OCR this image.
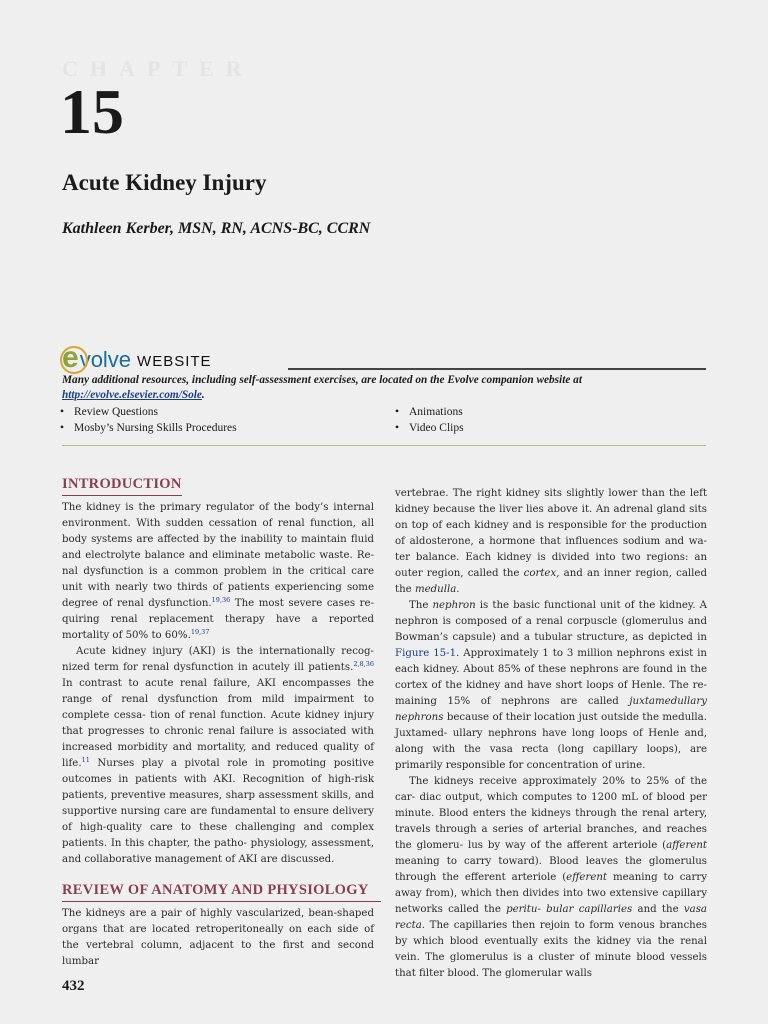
CHAPTER
15
Acute Kidney Injury
Kathleen Kerber, MSN, RN, ACNS-BC, CCRN
e volve WEBSITE
Many additional resources, including self-assessment exercises, are located on the Evolve companion website at http://evolve.elsevier.com/Sole.
• Review Questions
• Mosby’s Nursing Skills Procedures
• Animations
• Video Clips
INTRODUCTION

The kidney is the primary regulator of the body’s internal environment. With sudden cessation of renal function, all body systems are affected by the inability to maintain fluid and electrolyte balance and eliminate metabolic waste. Re- nal dysfunction is a common problem in the critical care unit with nearly two thirds of patients experiencing some degree of renal dysfunction.$^{19,36}$ The most severe cases re- quiring renal replacement therapy have a reported mortality of 50% to 60%.$^{19,37}$

Acute kidney injury (AKI) is the internationally recog- nized term for renal dysfunction in acutely ill patients.$^{2,8,36}$ In contrast to acute renal failure, AKI encompasses the range of renal dysfunction from mild impairment to complete cessa- tion of renal function. Acute kidney injury that progresses to chronic renal failure is associated with increased morbidity and mortality, and reduced quality of life.$^{11}$ Nurses play a pivotal role in promoting positive outcomes in patients with AKI. Recognition of high-risk patients, preventive measures, sharp assessment skills, and supportive nursing care are fundamental to ensure delivery of high-quality care to these challenging and complex patients. In this chapter, the patho- physiology, assessment, and collaborative management of AKI are discussed.

REVIEW OF ANATOMY AND PHYSIOLOGY

The kidneys are a pair of highly vascularized, bean-shaped organs that are located retroperitoneally on each side of the vertebral column, adjacent to the first and second lumbar

vertebrae. The right kidney sits slightly lower than the left kidney because the liver lies above it. An adrenal gland sits on top of each kidney and is responsible for the production of aldosterone, a hormone that influences sodium and wa- ter balance. Each kidney is divided into two regions: an outer region, called the cortex, and an inner region, called the medulla.

The nephron is the basic functional unit of the kidney. A nephron is composed of a renal corpuscle (glomerulus and Bowman’s capsule) and a tubular structure, as depicted in Figure 15-1. Approximately 1 to 3 million nephrons exist in each kidney. About 85% of these nephrons are found in the cortex of the kidney and have short loops of Henle. The re- maining 15% of nephrons are called juxtamedullary nephrons because of their location just outside the medulla. Juxtamed- ullary nephrons have long loops of Henle and, along with the vasa recta (long capillary loops), are primarily responsible for concentration of urine.

The kidneys receive approximately 20% to 25% of the car- diac output, which computes to 1200 mL of blood per minute. Blood enters the kidneys through the renal artery, travels through a series of arterial branches, and reaches the glomeru- lus by way of the afferent arteriole (afferent meaning to carry toward). Blood leaves the glomerulus through the efferent arteriole (efferent meaning to carry away from), which then divides into two extensive capillary networks called the peritu- bular capillaries and the vasa recta. The capillaries then rejoin to form venous branches by which blood eventually exits the kidney via the renal vein. The glomerulus is a cluster of minute blood vessels that filter blood. The glomerular walls

432
